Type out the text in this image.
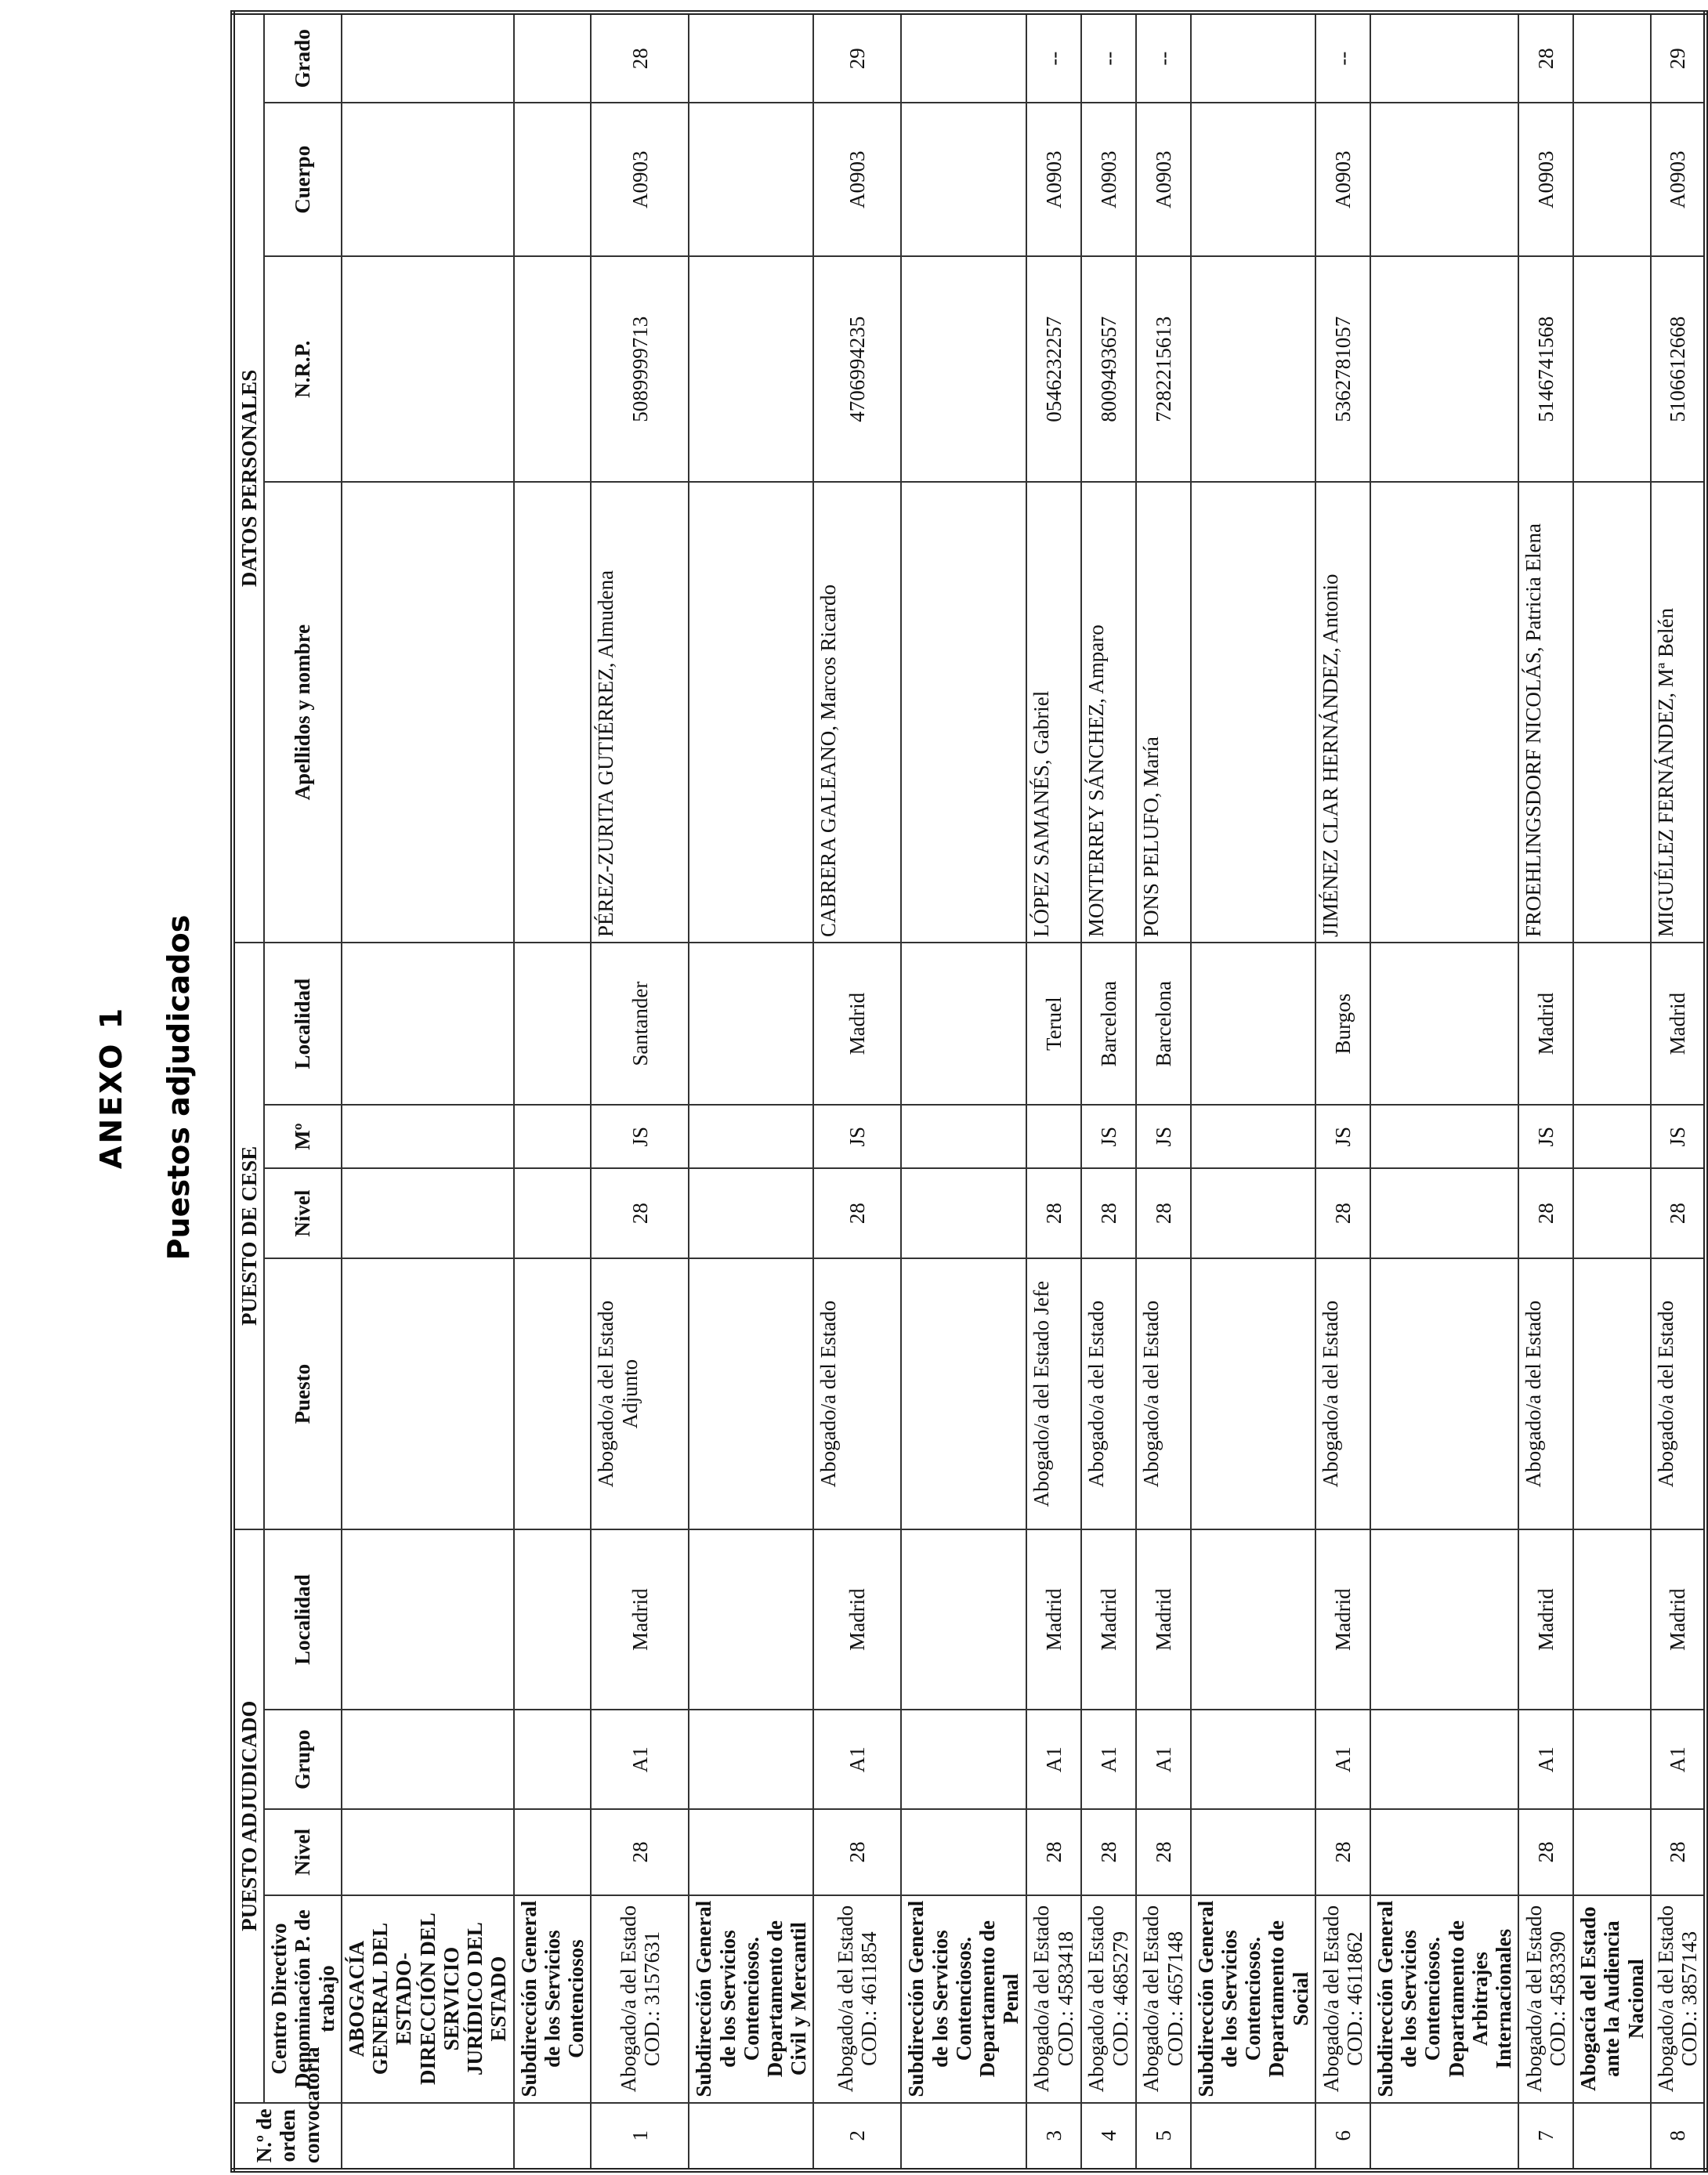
ANEXO 1	Puestos adjudicados
N.º de orden convocatoria	PUESTO ADJUDICADO				PUESTO DE CESE				DATOS PERSONALES			

	Centro Directivo Denominación P. de trabajo	Nivel	Grupo	Localidad	Puesto	Nivel	Mº	Localidad	Apellidos y nombre	N.R.P.	Cuerpo	Grado
	ABOGACÍA GENERAL DEL ESTADO-DIRECCIÓN DEL SERVICIO JURÍDICO DEL ESTADO											
	Subdirección General de los Servicios Contenciosos											
1	Abogado/a del Estado COD.: 3157631	28	A1	Madrid	Abogado/a del Estado Adjunto	28	JS	Santander	PÉREZ-ZURITA GUTIÉRREZ, Almudena	5089999713	A0903	28
	Subdirección General de los Servicios Contenciosos. Departamento de Civil y Mercantil											
2	Abogado/a del Estado COD.: 4611854	28	A1	Madrid	Abogado/a del Estado	28	JS	Madrid	CABRERA GALEANO, Marcos Ricardo	4706994235	A0903	29
	Subdirección General de los Servicios Contenciosos. Departamento de Penal											
3	Abogado/a del Estado COD.: 4583418	28	A1	Madrid	Abogado/a del Estado Jefe	28		Teruel	LÓPEZ SAMANÉS, Gabriel	0546232257	A0903	--
4	Abogado/a del Estado COD.: 4685279	28	A1	Madrid	Abogado/a del Estado	28	JS	Barcelona	MONTERREY SÁNCHEZ, Amparo	8009493657	A0903	--
5	Abogado/a del Estado COD.: 4657148	28	A1	Madrid	Abogado/a del Estado	28	JS	Barcelona	PONS PELUFO, María	7282215613	A0903	--
	Subdirección General de los Servicios Contenciosos. Departamento de Social											
6	Abogado/a del Estado COD.: 4611862	28	A1	Madrid	Abogado/a del Estado	28	JS	Burgos	JIMÉNEZ CLAR HERNÁNDEZ, Antonio	5362781057	A0903	--
	Subdirección General de los Servicios Contenciosos. Departamento de Arbitrajes Internacionales											
7	Abogado/a del Estado COD.: 4583390	28	A1	Madrid	Abogado/a del Estado	28	JS	Madrid	FROEHLINGSDORF NICOLÁS, Patricia Elena	5146741568	A0903	28
	Abogacía del Estado ante la Audiencia Nacional											
8	Abogado/a del Estado COD.: 3857143	28	A1	Madrid	Abogado/a del Estado	28	JS	Madrid	MIGUÉLEZ FERNÁNDEZ, Mª Belén	5106612668	A0903	29
